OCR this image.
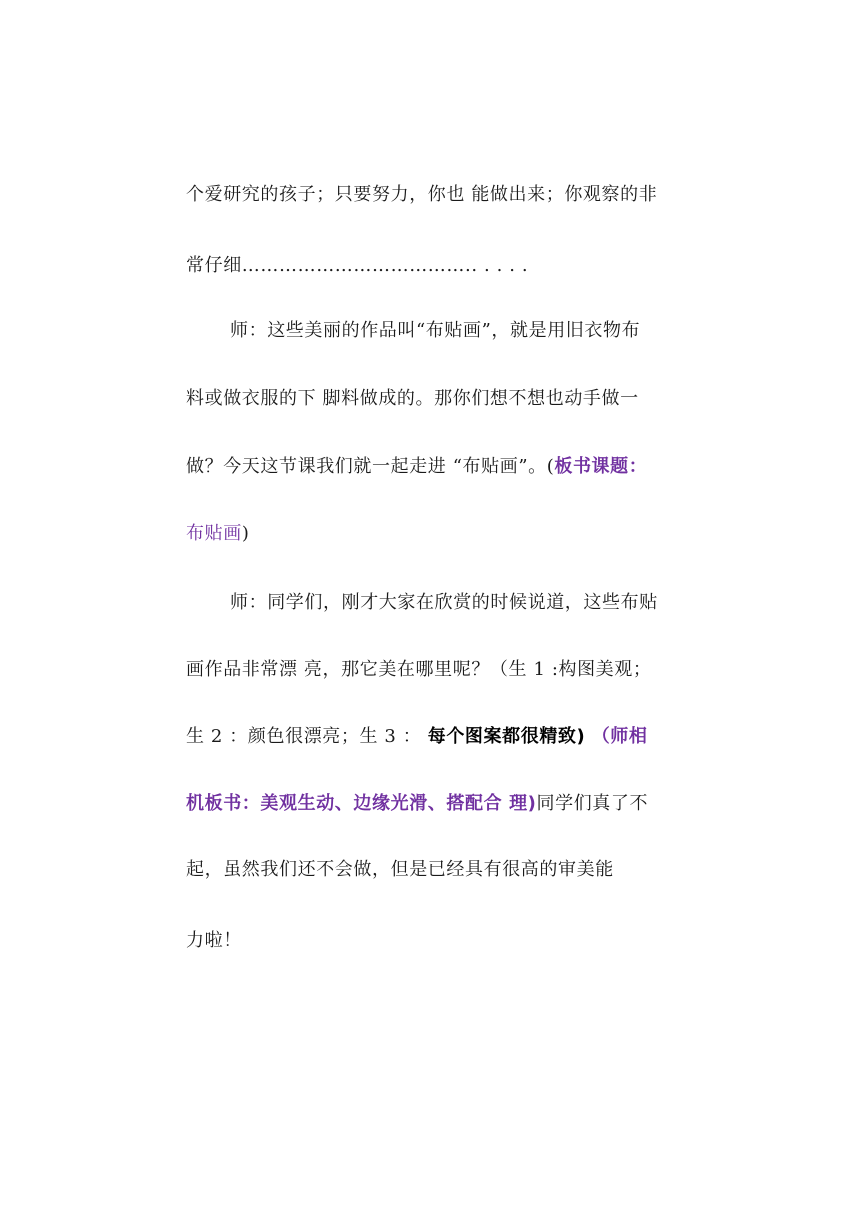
个爱研究的孩子；只要努力，你也 能做出来；你观察的非
常仔细……………………………….. . . . .
师：这些美丽的作品叫“布贴画”，就是用旧衣物布
料或做衣服的下 脚料做成的。那你们想不想也动手做一
做？今天这节课我们就一起走进 “布贴画”。(板书课题：
布贴画)
师：同学们，刚才大家在欣赏的时候说道，这些布贴
画作品非常漂 亮，那它美在哪里呢？（生 1 :构图美观；
生 2 ：颜色很漂亮；生 3 ： 每个图案都很精致) （师相
机板书：美观生动、边缘光滑、搭配合 理)同学们真了不
起，虽然我们还不会做，但是已经具有很高的审美能
力啦！
